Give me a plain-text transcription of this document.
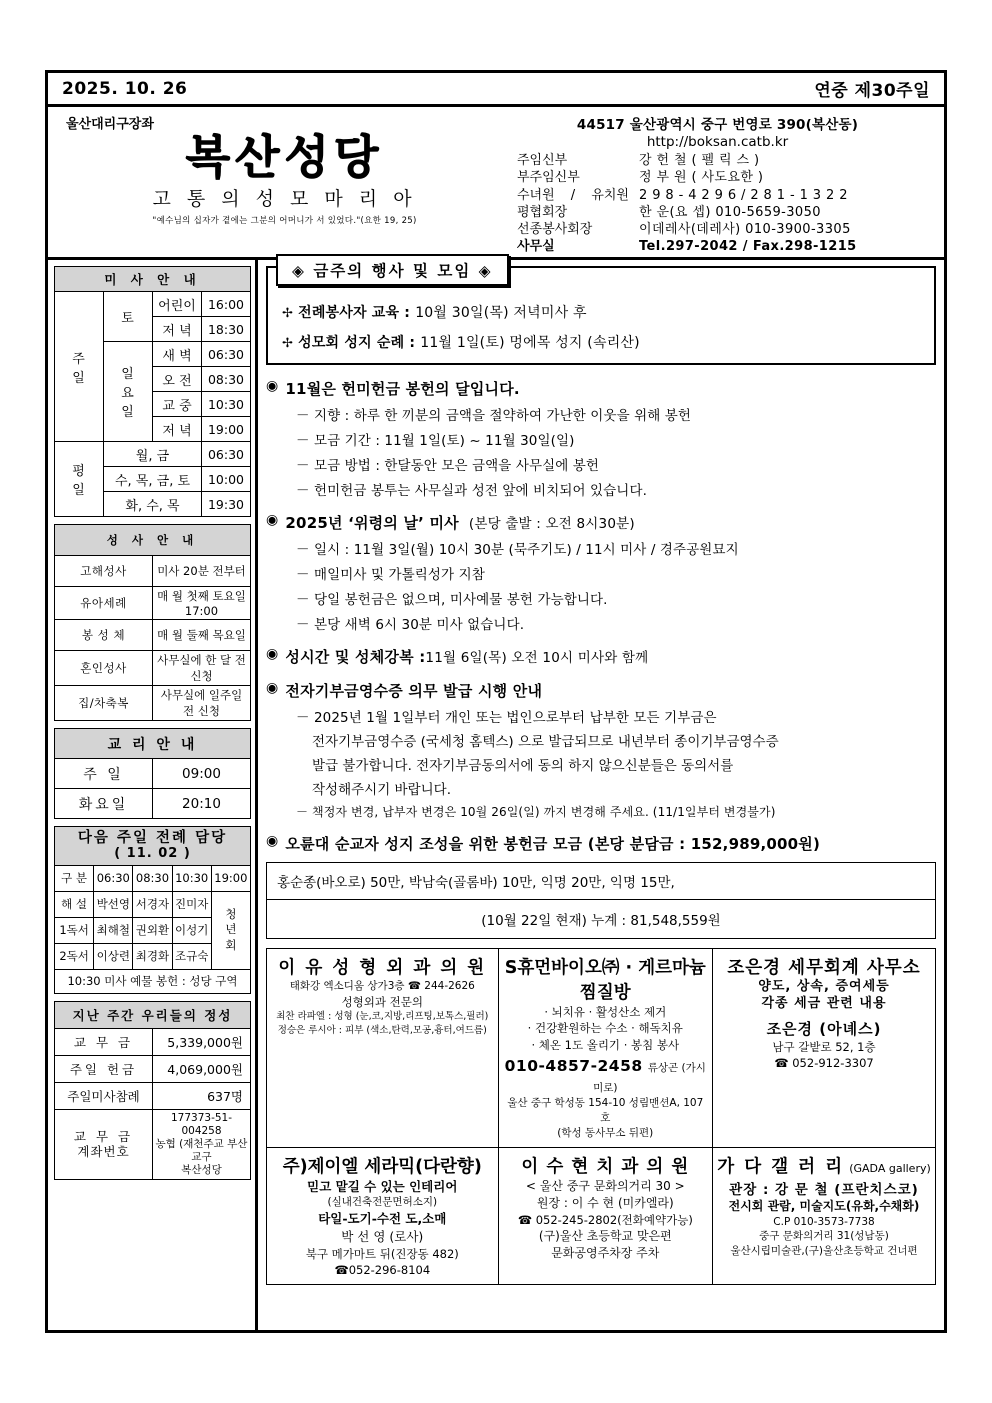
2025. 10. 26	연중 제30주일
울산대리구장좌
복산성당
고 통 의 성 모 마 리 아
"예수님의 십자가 곁에는 그분의 어머니가 서 있었다."(요한 19, 25)
44517 울산광역시 중구 번영로 390(복산동)
http://boksan.catb.kr
주임신부	강 헌 철 ( 펠 릭 스 )
부주임신부	정 부 원 ( 사도요한 )
수녀원 / 유치원 2 9 8 - 4 2 9 6 / 2 8 1 - 1 3 2 2
평협회장	한 운(요 셉) 010-5659-3050
선종봉사회장	이데레사(데레사) 010-3900-3305
사무실	Tel.297-2042 / Fax.298-1215
미 사 안 내			
주
일	토	어린이	16:00
		저 녁	18:30
	일
요
일	새 벽	06:30
		오 전	08:30
		교 중	10:30
		저 녁	19:00
평
일	월, 금		06:30
	수, 목, 금, 토		10:00
	화, 수, 목		19:30
성 사 안 내	
고해성사	미사 20분 전부터
유아세례	매 월 첫째 토요일 17:00
봉 성 체	매 월 둘째 목요일
혼인성사	사무실에 한 달 전 신청
집/차축복	사무실에 일주일 전 신청
교 리 안 내	
주 일	09:00
화요일	20:10
다음 주일 전례 담당
( 11. 02 )				

구 분	06:30	08:30	10:30	19:00
해 설	박선영	서경자	진미자	청
년
회
1독서	최해철	권외환	이성기	
2독서	이상련	최경화	조규숙	
10:30 미사 예물 봉헌 : 성당 구역				
지난 주간 우리들의 정성	
교 무 금	5,339,000원
주일 헌금	4,069,000원
주일미사참례	637명
교 무 금
계좌번호	177373-51-004258
농협 (재천주교 부산교구
복산성당
◈ 금주의 행사 및 모임 ◈
✢ 전례봉사자 교육 : 10월 30일(목) 저녁미사 후
✢ 성모회 성지 순례 : 11월 1일(토) 멍에목 성지 (속리산)
◉ 11월은 헌미헌금 봉헌의 달입니다.
－ 지향 : 하루 한 끼분의 금액을 절약하여 가난한 이웃을 위해 봉헌
－ 모금 기간 : 11월 1일(토) ~ 11월 30일(일)
－ 모금 방법 : 한달동안 모은 금액을 사무실에 봉헌
－ 헌미헌금 봉투는 사무실과 성전 앞에 비치되어 있습니다.
◉ 2025년 ‘위령의 날’ 미사 (본당 출발 : 오전 8시30분)
－ 일시 : 11월 3일(월) 10시 30분 (묵주기도) / 11시 미사 / 경주공원묘지
－ 매일미사 및 가톨릭성가 지참
－ 당일 봉헌금은 없으며, 미사예물 봉헌 가능합니다.
－ 본당 새벽 6시 30분 미사 없습니다.
◉ 성시간 및 성체강복 : 11월 6일(목) 오전 10시 미사와 함께
◉ 전자기부금영수증 의무 발급 시행 안내
－ 2025년 1월 1일부터 개인 또는 법인으로부터 납부한 모든 기부금은
전자기부금영수증 (국세청 홈텍스) 으로 발급되므로 내년부터 종이기부금영수증
발급 불가합니다. 전자기부금동의서에 동의 하지 않으신분들은 동의서를
작성해주시기 바랍니다.
－ 책정자 변경, 납부자 변경은 10월 26일(일) 까지 변경해 주세요. (11/1일부터 변경불가)
◉ 오륜대 순교자 성지 조성을 위한 봉헌금 모금 (본당 분담금 : 152,989,000원)
홍순종(바오로) 50만, 박남숙(골롬바) 10만, 익명 20만, 익명 15만,
(10월 22일 현재) 누계 : 81,548,559원
이 유 성 형 외 과 의 원
태화강 엑소디움 상가3층 ☎ 244-2626
성형외과 전문의
최찬 라파엘 : 성형 (눈,코,지방,리프팅,보톡스,필러)
정승은 루시아 : 피부 (색소,탄력,모공,흉터,여드름)
S휴먼바이오㈜ · 게르마늄 찜질방
· 뇌치유 · 활성산소 제거
· 건강환원하는 수소 · 해독치유
· 체온 1도 올리기 · 봉침 봉사
010-4857-2458 류상곤 (가시미로)
울산 중구 학성동 154-10 성림맨션A, 107호
(학성 동사무소 뒤편)
조은경 세무회계 사무소
양도, 상속, 증여세등
각종 세금 관련 내용
조은경 (아녜스)
남구 갈밭로 52, 1층
☎ 052-912-3307
주)제이엘 세라믹(다란향)
믿고 맡길 수 있는 인테리어
(실내건축전문면허소지)
타일-도기-수전 도,소매
박 선 영 (로사)
북구 메가마트 뒤(진장동 482)
☎052-296-8104
이 수 현 치 과 의 원
< 울산 중구 문화의거리 30 >
원장 : 이 수 현 (미카엘라)
☎ 052-245-2802(전화예약가능)
(구)울산 초등학교 맞은편
문화공영주차장 주차
가 다 갤 러 리 (GADA gallery)
관장 : 강 문 철 (프란치스코)
전시회 관람, 미술지도(유화,수채화)
C.P 010-3573-7738
중구 문화의거리 31(성남동)
울산시립미술관,(구)울산초등학교 건너편
